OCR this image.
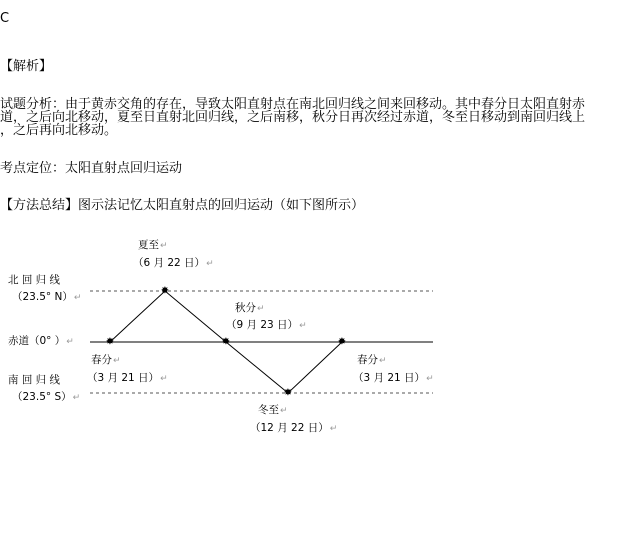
C
【解析】
试题分析：由于黄赤交角的存在，导致太阳直射点在南北回归线之间来回移动。其中春分日太阳直射赤
道，之后向北移动，夏至日直射北回归线，之后南移，秋分日再次经过赤道，冬至日移动到南回归线上
，之后再向北移动。
考点定位：太阳直射点回归运动
【方法总结】图示法记忆太阳直射点的回归运动（如下图所示）
✸
✸
✸
✸
✸
北 回 归 线
（23.5° N）↵
赤道（0° ）↵
南 回 归 线
（23.5° S）↵
夏至↵
（6 月 22 日）↵
秋分↵
（9 月 23 日）↵
春分↵
（3 月 21 日）↵
春分↵
（3 月 21 日）↵
冬至↵
（12 月 22 日）↵
